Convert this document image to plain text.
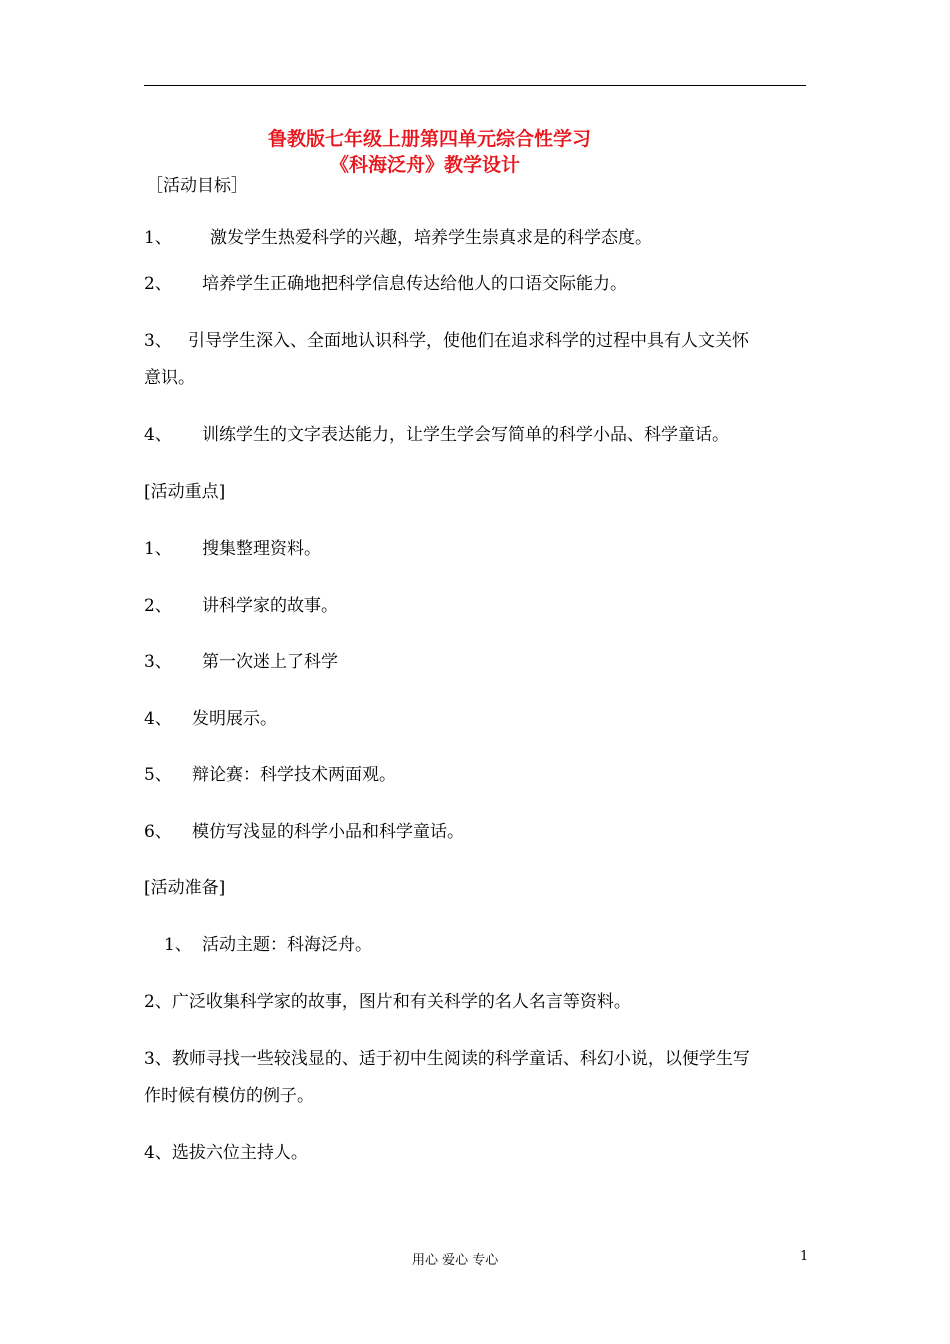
鲁教版七年级上册第四单元综合性学习
《科海泛舟》教学设计
［活动目标］
1、 激发学生热爱科学的兴趣，培养学生崇真求是的科学态度。
2、 培养学生正确地把科学信息传达给他人的口语交际能力。
3、 引导学生深入、全面地认识科学，使他们在追求科学的过程中具有人文关怀
意识。
4、 训练学生的文字表达能力，让学生学会写简单的科学小品、科学童话。
[活动重点]
1、 搜集整理资料。
2、 讲科学家的故事。
3、 第一次迷上了科学
4、 发明展示。
5、 辩论赛：科学技术两面观。
6、 模仿写浅显的科学小品和科学童话。
[活动准备]
1、 活动主题：科海泛舟。
2、广泛收集科学家的故事，图片和有关科学的名人名言等资料。
3、教师寻找一些较浅显的、适于初中生阅读的科学童话、科幻小说，以便学生写
作时候有模仿的例子。
4、选拔六位主持人。
用心 爱心 专心	1
